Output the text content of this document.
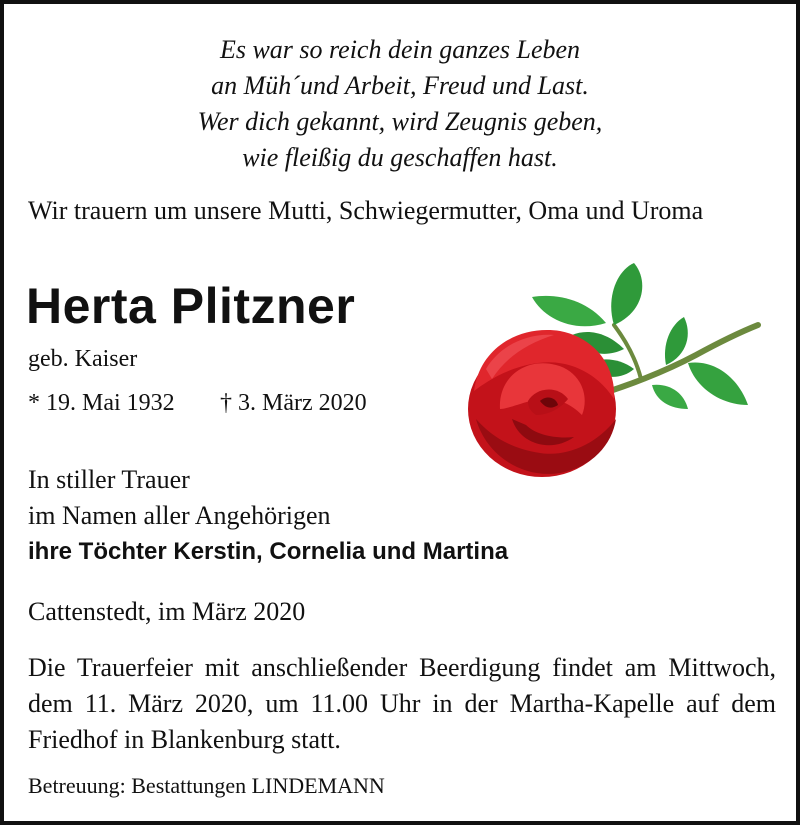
Es war so reich dein ganzes Leben
an Müh´und Arbeit, Freud und Last.
Wer dich gekannt, wird Zeugnis geben,
wie fleißig du geschaffen hast.
Wir trauern um unsere Mutti, Schwiegermutter, Oma und Uroma
Herta Plitzner
geb. Kaiser
* 19. Mai 1932 † 3. März 2020
In stiller Trauer
im Namen aller Angehörigen
ihre Töchter Kerstin, Cornelia und Martina
Cattenstedt, im März 2020
Die Trauerfeier mit anschließender Beerdigung findet am Mittwoch, dem 11. März 2020, um 11.00 Uhr in der Martha-Kapelle auf dem Friedhof in Blankenburg statt.
Betreuung: Bestattungen LINDEMANN
